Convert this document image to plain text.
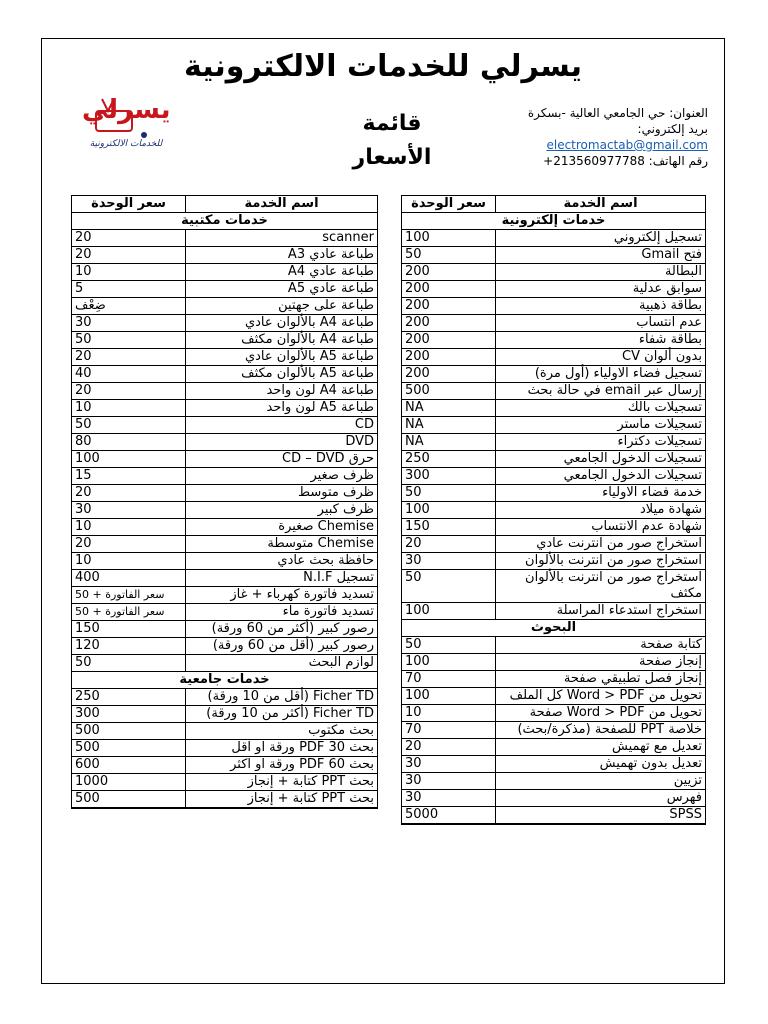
يسرلي للخدمات الالكترونية
يسرلي
للخدمات الالكترونية
قائمة الأسعار
العنوان: حي الجامعي العالية -بسكرة
بريد إلكتروني:
electromactab@gmail.com
رقم الهاتف: 213560977788+
اسم الخدمة	سعر الوحدة
خدمات إلكترونية	
تسجيل إلكتروني	100
فتح Gmail	50
البطالة	200
سوابق عدلية	200
بطاقة ذهبية	200
عدم انتساب	200
بطاقة شفاء	200
بدون ألوان CV	200
تسجيل فضاء الاولياء (أول مرة)	200
إرسال عبر email في حالة بحث	500
تسجيلات بالك	NA
تسجيلات ماستر	NA
تسجيلات دكتراء	NA
تسجيلات الدخول الجامعي	250
تسجيلات الدخول الجامعي	300
خدمة فضاء الاولياء	50
شهادة ميلاد	100
شهادة عدم الانتساب	150
استخراج صور من انترنت عادي	20
استخراج صور من انترنت بالألوان	30
استخراج صور من انترنت بالألوان مكثف	50
استخراج استدعاء المراسلة	100
البحوث	
كتابة صفحة	50
إنجاز صفحة	100
إنجاز فصل تطبيقي صفحة	70
تحويل من Word > PDF كل الملف	100
تحويل من Word > PDF صفحة	10
خلاصة PPT للصفحة (مذكرة/بحث)	70
تعديل مع تهميش	20
تعديل بدون تهميش	30
تزيين	30
فهرس	30
SPSS	5000

اسم الخدمة	سعر الوحدة
خدمات مكتبية	
scanner	20
طباعة عادي A3	20
طباعة عادي A4	10
طباعة عادي A5	5
طباعة على جهتين	ضِعْف
طباعة A4 بالألوان عادي	30
طباعة A4 بالألوان مكثف	50
طباعة A5 بالألوان عادي	20
طباعة A5 بالألوان مكثف	40
طباعة A4 لون واحد	20
طباعة A5 لون واحد	10
CD	50
DVD	80
حرق CD – DVD	100
ظرف صغير	15
ظرف متوسط	20
ظرف كبير	30
Chemise صغيرة	10
Chemise متوسطة	20
حافظة بحث عادي	10
تسجيل N.I.F	400
تسديد فاتورة كهرباء + غاز	50 + سعر الفاتورة
تسديد فاتورة ماء	50 + سعر الفاتورة
رصور كبير (أكثر من 60 ورقة)	150
رصور كبير (أقل من 60 ورقة)	120
لوازم البحث	50
خدمات جامعية	
Ficher TD (أقل من 10 ورقة)	250
Ficher TD (أكثر من 10 ورقة)	300
بحث مكتوب	500
بحث PDF 30 ورقة او اقل	500
بحث PDF 60 ورقة او اكثر	600
بحث PPT كتابة + إنجاز	1000
بحث PPT كتابة + إنجاز	500
